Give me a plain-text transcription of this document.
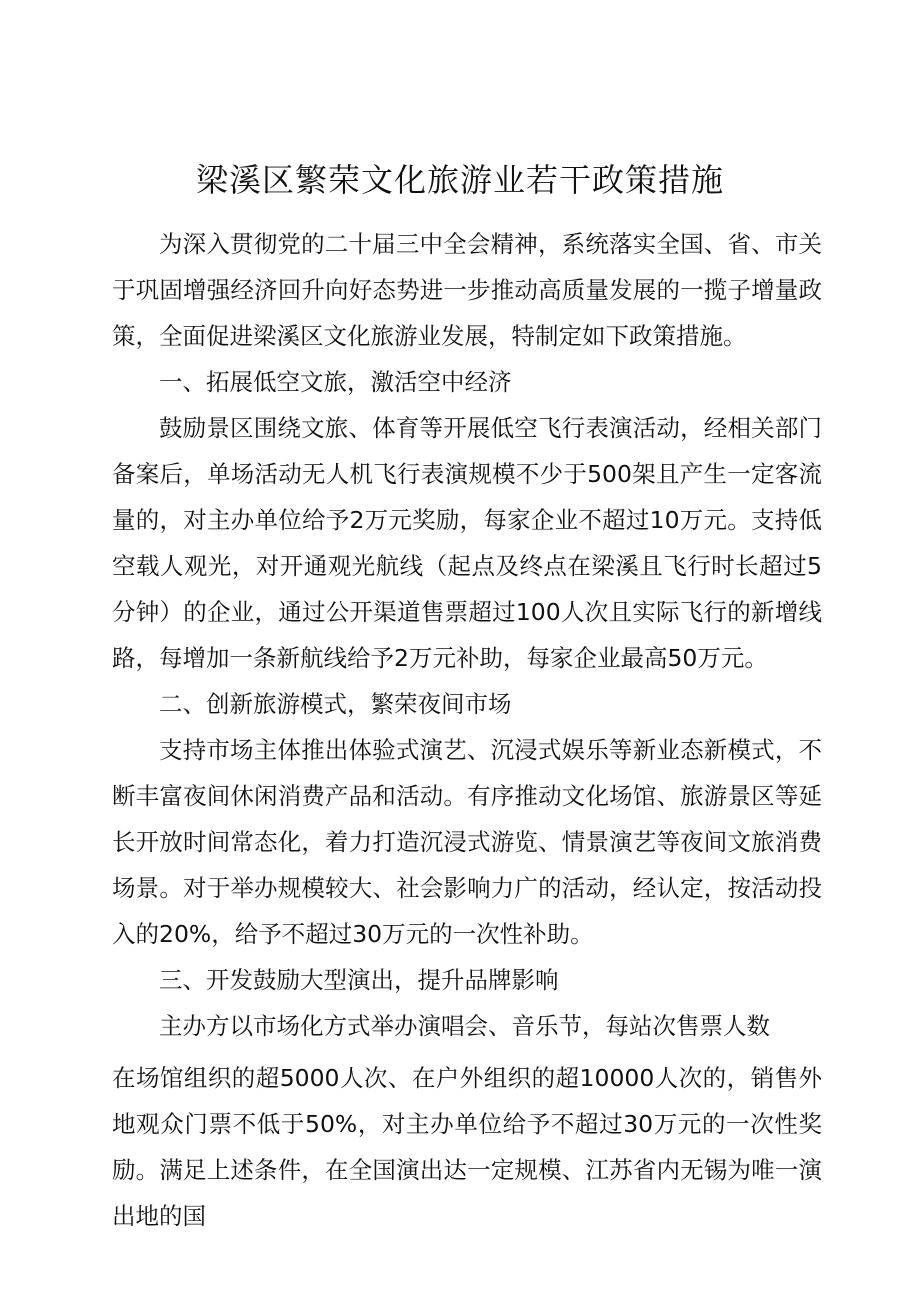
梁溪区繁荣文化旅游业若干政策措施

为深入贯彻党的二十届三中全会精神，系统落实全国、省、市关于巩固增强经济回升向好态势进一步推动高质量发展的一揽子增量政策，全面促进梁溪区文化旅游业发展，特制定如下政策措施。

一、拓展低空文旅，激活空中经济

鼓励景区围绕文旅、体育等开展低空飞行表演活动，经相关部门备案后，单场活动无人机飞行表演规模不少于500架且产生一定客流量的，对主办单位给予2万元奖励，每家企业不超过10万元。支持低空载人观光，对开通观光航线（起点及终点在梁溪且飞行时长超过5分钟）的企业，通过公开渠道售票超过100人次且实际飞行的新增线路，每增加一条新航线给予2万元补助，每家企业最高50万元。

二、创新旅游模式，繁荣夜间市场

支持市场主体推出体验式演艺、沉浸式娱乐等新业态新模式，不断丰富夜间休闲消费产品和活动。有序推动文化场馆、旅游景区等延长开放时间常态化，着力打造沉浸式游览、情景演艺等夜间文旅消费场景。对于举办规模较大、社会影响力广的活动，经认定，按活动投入的20%，给予不超过30万元的一次性补助。

三、开发鼓励大型演出，提升品牌影响

主办方以市场化方式举办演唱会、音乐节，每站次售票人数

在场馆组织的超5000人次、在户外组织的超10000人次的，销售外地观众门票不低于50%，对主办单位给予不超过30万元的一次性奖励。满足上述条件，在全国演出达一定规模、江苏省内无锡为唯一演出地的国
